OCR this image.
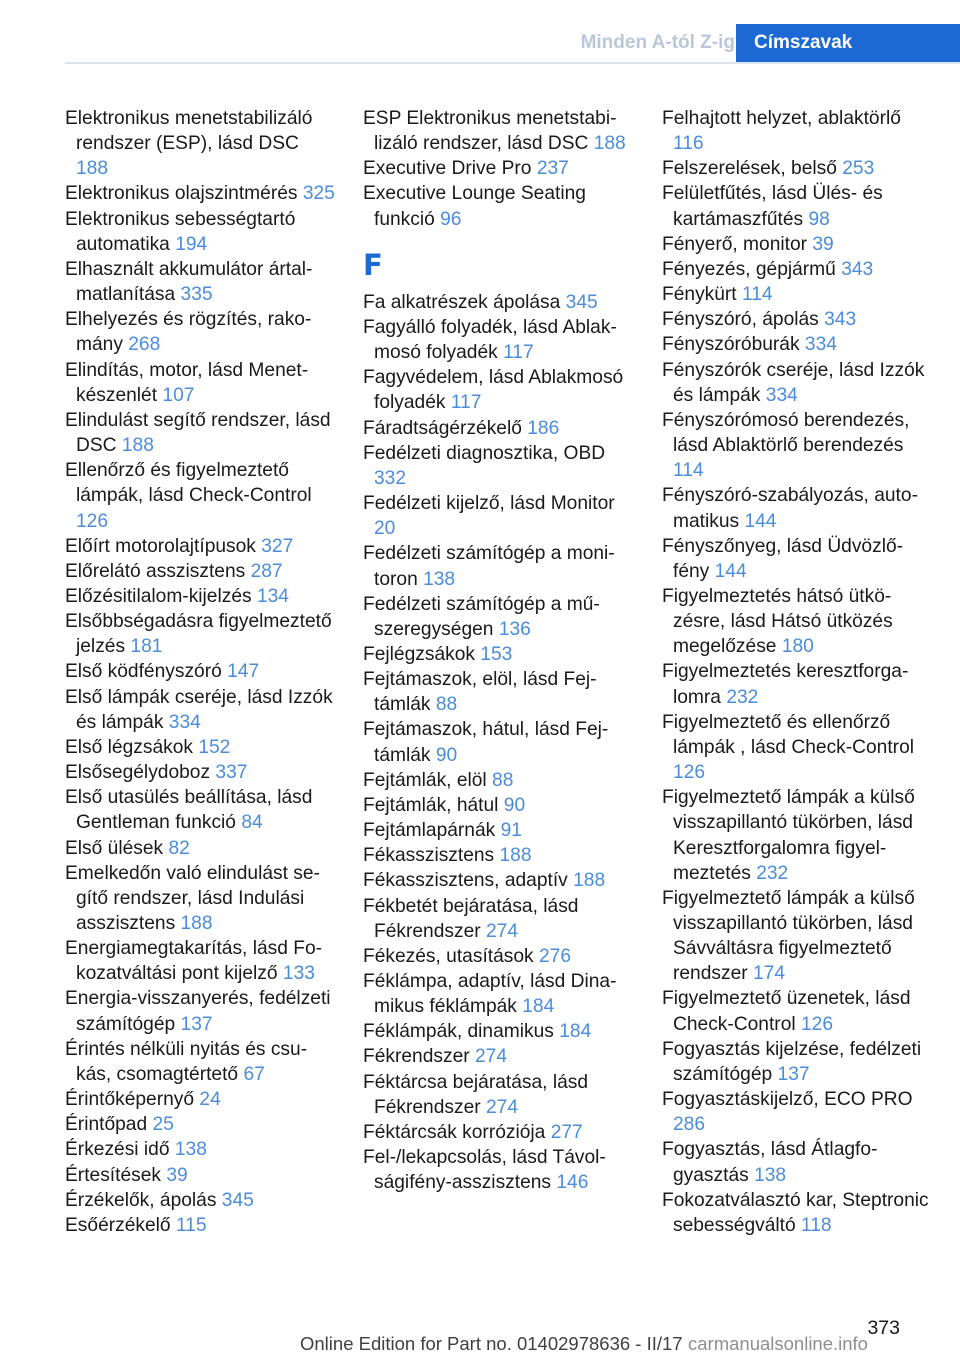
Minden A-tól Z-ig	Címszavak
Elektronikus menetstabilizáló rendszer (ESP), lásd DSC 188
Elektronikus olajszintmérés 325
Elektronikus sebességtartó automatika 194
Elhasznált akkumulátor ártalmatlanítása 335
Elhelyezés és rögzítés, rakomány 268
Elindítás, motor, lásd Menetkészenlét 107
Elindulást segítő rendszer, lásd DSC 188
Ellenőrző és figyelmeztető lámpák, lásd Check-Control 126
Előírt motorolajtípusok 327
Előrelátó asszisztens 287
Előzésitilalom-kijelzés 134
Elsőbbségadásra figyelmeztető jelzés 181
Első ködfényszóró 147
Első lámpák cseréje, lásd Izzók és lámpák 334
Első légzsákok 152
Elsősegélydoboz 337
Első utasülés beállítása, lásd Gentleman funkció 84
Első ülések 82
Emelkedőn való elindulást segítő rendszer, lásd Indulási asszisztens 188
Energiamegtakarítás, lásd Fokozatváltási pont kijelző 133
Energia-visszanyerés, fedélzeti számítógép 137
Érintés nélküli nyitás és csukás, csomagtértető 67
Érintőképernyő 24
Érintőpad 25
Érkezési idő 138
Értesítések 39
Érzékelők, ápolás 345
Esőérzékelő 115
ESP Elektronikus menetstabilizáló rendszer, lásd DSC 188
Executive Drive Pro 237
Executive Lounge Seating funkció 96
F
Fa alkatrészek ápolása 345
Fagyálló folyadék, lásd Ablakmosó folyadék 117
Fagyvédelem, lásd Ablakmosó folyadék 117
Fáradtságérzékelő 186
Fedélzeti diagnosztika, OBD 332
Fedélzeti kijelző, lásd Monitor 20
Fedélzeti számítógép a monitoron 138
Fedélzeti számítógép a műszeregységen 136
Fejlégzsákok 153
Fejtámaszok, elöl, lásd Fejtámlák 88
Fejtámaszok, hátul, lásd Fejtámlák 90
Fejtámlák, elöl 88
Fejtámlák, hátul 90
Fejtámlapárnák 91
Fékasszisztens 188
Fékasszisztens, adaptív 188
Fékbetét bejáratása, lásd Fékrendszer 274
Fékezés, utasítások 276
Féklámpa, adaptív, lásd Dinamikus féklámpák 184
Féklámpák, dinamikus 184
Fékrendszer 274
Féktárcsa bejáratása, lásd Fékrendszer 274
Féktárcsák korróziója 277
Fel-/lekapcsolás, lásd Távolságifény-asszisztens 146
Felhajtott helyzet, ablaktörlő 116
Felszerelések, belső 253
Felületfűtés, lásd Ülés- és kartámaszfűtés 98
Fényerő, monitor 39
Fényezés, gépjármű 343
Fénykürt 114
Fényszóró, ápolás 343
Fényszóróburák 334
Fényszórók cseréje, lásd Izzók és lámpák 334
Fényszórómosó berendezés, lásd Ablaktörlő berendezés 114
Fényszóró-szabályozás, automatikus 144
Fényszőnyeg, lásd Üdvözlőfény 144
Figyelmeztetés hátsó ütközésre, lásd Hátsó ütközés megelőzése 180
Figyelmeztetés keresztforgalomra 232
Figyelmeztető és ellenőrző lámpák , lásd Check-Control 126
Figyelmeztető lámpák a külső visszapillantó tükörben, lásd Keresztforgalomra figyelmeztetés 232
Figyelmeztető lámpák a külső visszapillantó tükörben, lásd Sávváltásra figyelmeztető rendszer 174
Figyelmeztető üzenetek, lásd Check-Control 126
Fogyasztás kijelzése, fedélzeti számítógép 137
Fogyasztáskijelző, ECO PRO 286
Fogyasztás, lásd Átlagfogyasztás 138
Fokozatválasztó kar, Steptronic sebességváltó 118
373
Online Edition for Part no. 01402978636 - II/17 carmanualsonline.info
